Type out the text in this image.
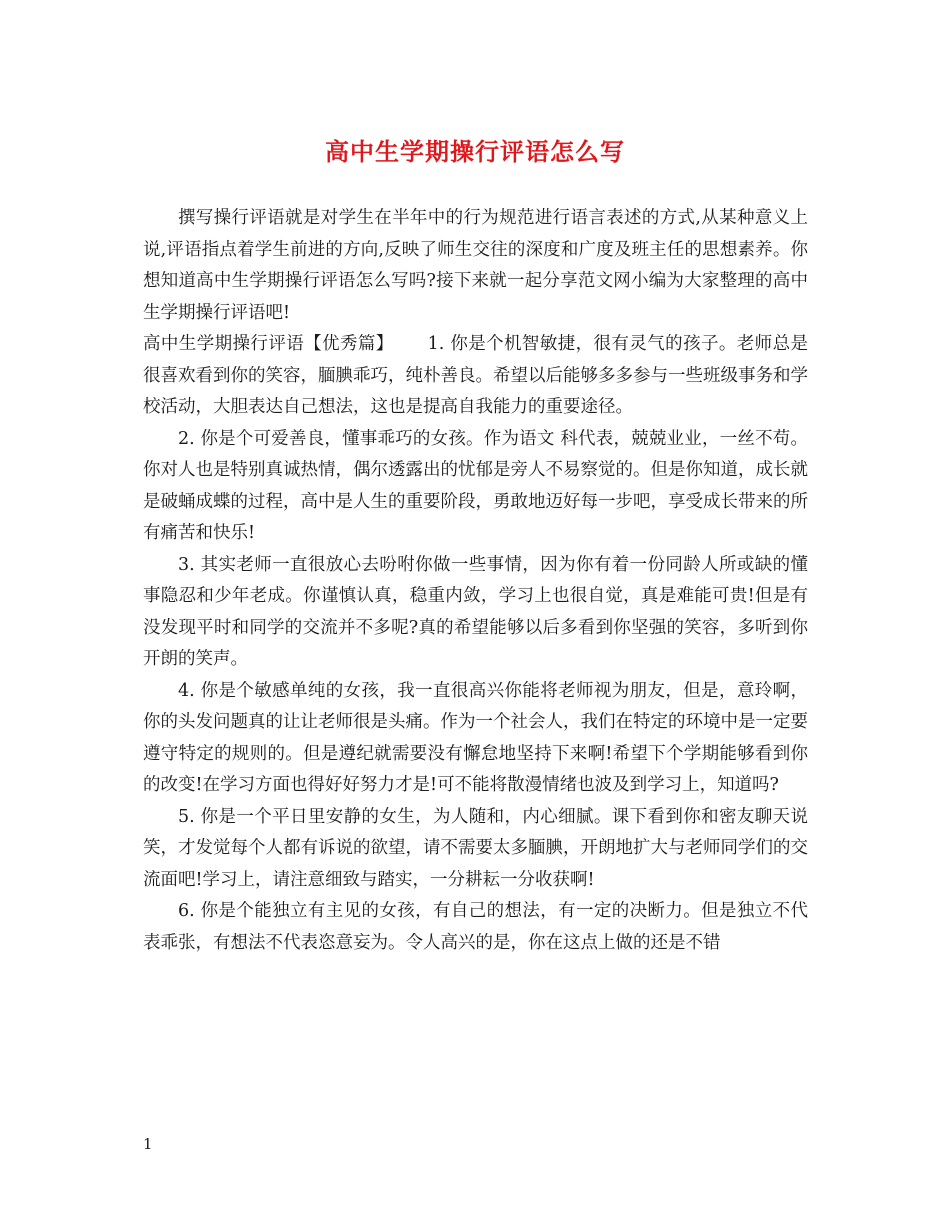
高中生学期操行评语怎么写

撰写操行评语就是对学生在半年中的行为规范进行语言表述的方式,从某种意义上说,评语指点着学生前进的方向,反映了师生交往的深度和广度及班主任的思想素养。你想知道高中生学期操行评语怎么写吗?接下来就一起分享范文网小编为大家整理的高中生学期操行评语吧!

高中生学期操行评语【优秀篇】 1. 你是个机智敏捷，很有灵气的孩子。老师总是很喜欢看到你的笑容，腼腆乖巧，纯朴善良。希望以后能够多多参与一些班级事务和学校活动，大胆表达自己想法，这也是提高自我能力的重要途径。

2. 你是个可爱善良，懂事乖巧的女孩。作为语文 科代表，兢兢业业，一丝不苟。你对人也是特别真诚热情，偶尔透露出的忧郁是旁人不易察觉的。但是你知道，成长就是破蛹成蝶的过程，高中是人生的重要阶段，勇敢地迈好每一步吧，享受成长带来的所有痛苦和快乐!

3. 其实老师一直很放心去吩咐你做一些事情，因为你有着一份同龄人所或缺的懂事隐忍和少年老成。你谨慎认真，稳重内敛，学习上也很自觉，真是难能可贵!但是有没发现平时和同学的交流并不多呢?真的希望能够以后多看到你坚强的笑容，多听到你开朗的笑声。

4. 你是个敏感单纯的女孩，我一直很高兴你能将老师视为朋友，但是，意玲啊，你的头发问题真的让让老师很是头痛。作为一个社会人，我们在特定的环境中是一定要遵守特定的规则的。但是遵纪就需要没有懈怠地坚持下来啊!希望下个学期能够看到你的改变!在学习方面也得好好努力才是!可不能将散漫情绪也波及到学习上，知道吗?

5. 你是一个平日里安静的女生，为人随和，内心细腻。课下看到你和密友聊天说笑，才发觉每个人都有诉说的欲望，请不需要太多腼腆，开朗地扩大与老师同学们的交流面吧!学习上，请注意细致与踏实，一分耕耘一分收获啊!

6. 你是个能独立有主见的女孩，有自己的想法，有一定的决断力。但是独立不代表乖张，有想法不代表恣意妄为。令人高兴的是，你在这点上做的还是不错

1
